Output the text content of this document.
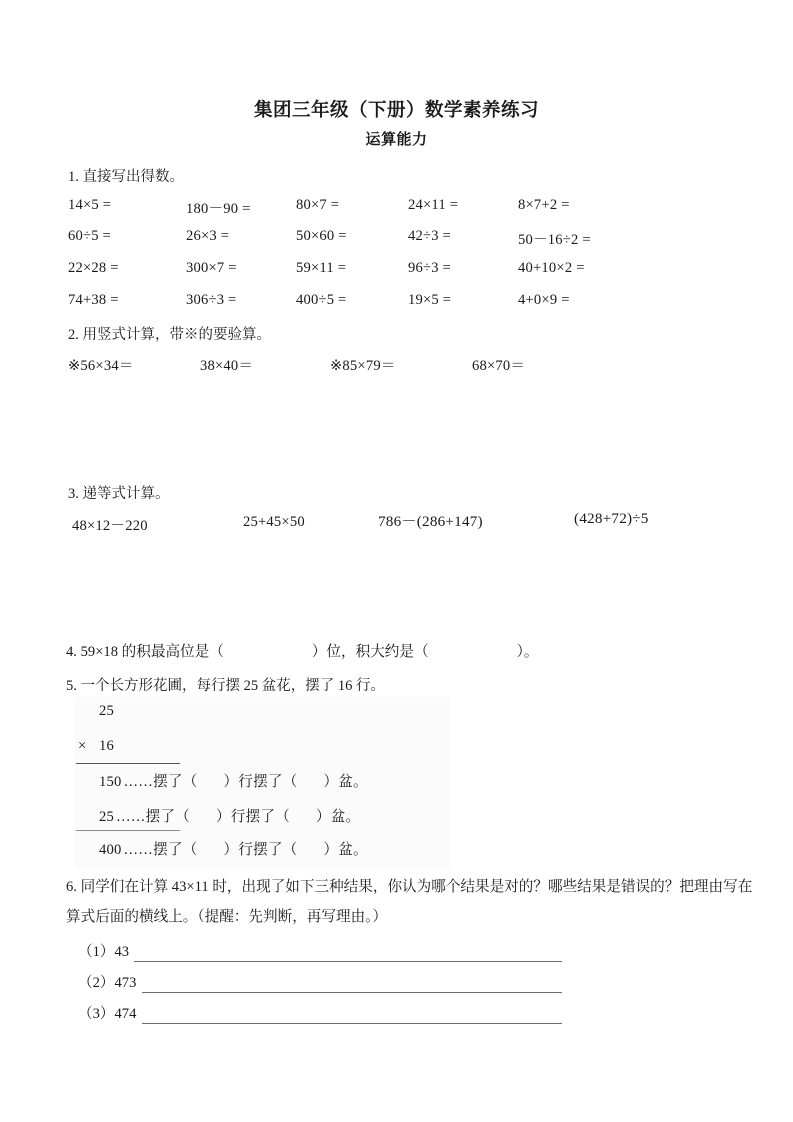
集团三年级（下册）数学素养练习
运算能力
1. 直接写出得数。
14×5 =	180－90 =	80×7 =	24×11 =	8×7+2 =
60÷5 =	26×3 =	50×60 =	42÷3 =	50－16÷2 =
22×28 =	300×7 =	59×11 =	96÷3 =	40+10×2 =
74+38 =	306÷3 =	400÷5 =	19×5 =	4+0×9 =
2. 用竖式计算，带※的要验算。
※56×34＝	38×40＝	※85×79＝	68×70＝
3. 递等式计算。
48×12－220	25+45×50	786－(286+147)	(428+72)÷5
4. 59×18 的积最高位是（	）位，积大约是（	）。
5. 一个长方形花圃，每行摆 25 盆花，摆了 16 行。
25
× 16
150 ……摆了（ ）行摆了（ ）盆。
25 ……摆了（ ）行摆了（ ）盆。
400 ……摆了（ ）行摆了（ ）盆。
6. 同学们在计算 43×11 时，出现了如下三种结果，你认为哪个结果是对的？哪些结果是错误的？把理由写在算式后面的横线上。（提醒：先判断，再写理由。）
（1）43
（2）473
（3）474
